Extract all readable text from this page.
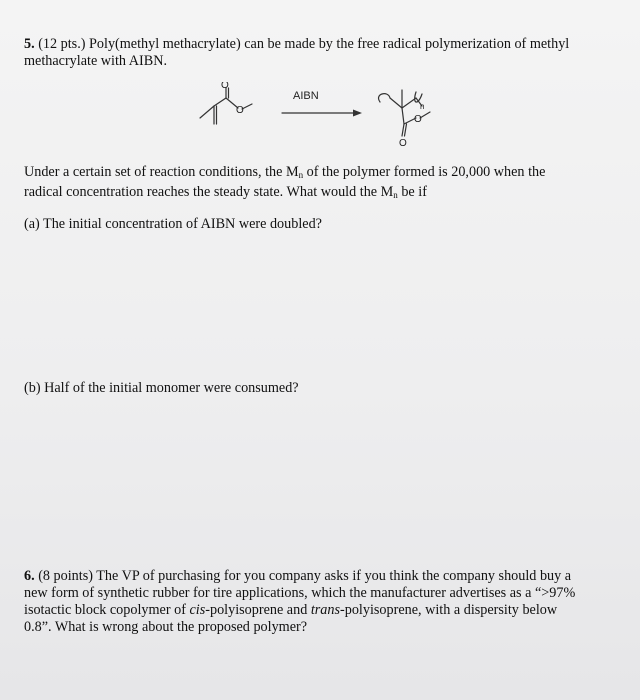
5. (12 pts.) Poly(methyl methacrylate) can be made by the free radical polymerization of methyl
methacrylate with AIBN.

O
O
O
O
n
AIBN

Under a certain set of reaction conditions, the $M_n$ of the polymer formed is 20,000 when the
radical concentration reaches the steady state. What would the $M_n$ be if

(a) The initial concentration of AIBN were doubled?

(b) Half of the initial monomer were consumed?

6. (8 points) The VP of purchasing for you company asks if you think the company should buy a
new form of synthetic rubber for tire applications, which the manufacturer advertises as a “>97%
isotactic block copolymer of cis-polyisoprene and trans-polyisoprene, with a dispersity below
0.8”. What is wrong about the proposed polymer?
